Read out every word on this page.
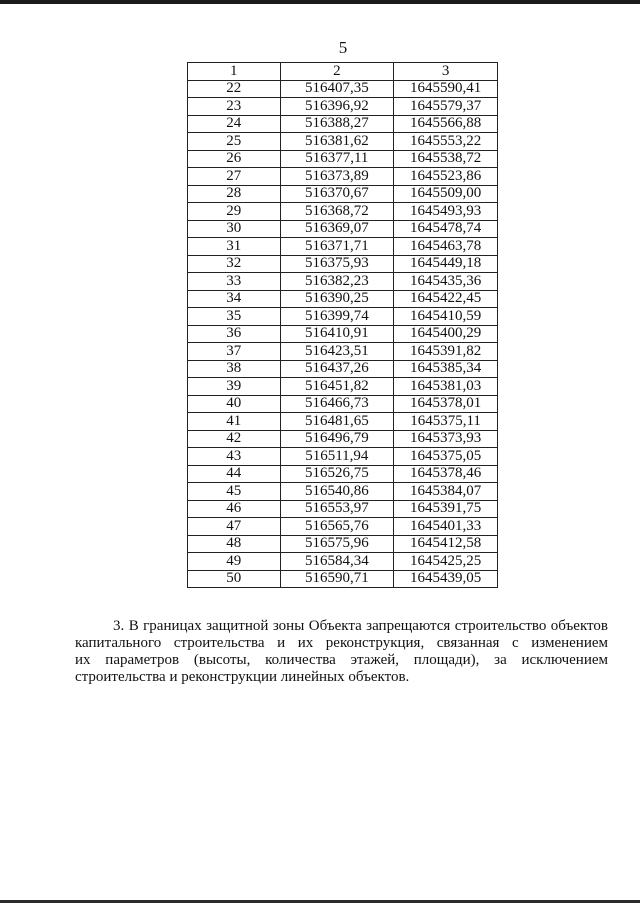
5
1	2	3
22	516407,35	1645590,41
23	516396,92	1645579,37
24	516388,27	1645566,88
25	516381,62	1645553,22
26	516377,11	1645538,72
27	516373,89	1645523,86
28	516370,67	1645509,00
29	516368,72	1645493,93
30	516369,07	1645478,74
31	516371,71	1645463,78
32	516375,93	1645449,18
33	516382,23	1645435,36
34	516390,25	1645422,45
35	516399,74	1645410,59
36	516410,91	1645400,29
37	516423,51	1645391,82
38	516437,26	1645385,34
39	516451,82	1645381,03
40	516466,73	1645378,01
41	516481,65	1645375,11
42	516496,79	1645373,93
43	516511,94	1645375,05
44	516526,75	1645378,46
45	516540,86	1645384,07
46	516553,97	1645391,75
47	516565,76	1645401,33
48	516575,96	1645412,58
49	516584,34	1645425,25
50	516590,71	1645439,05
3. В границах защитной зоны Объекта запрещаются строительство объектов
капитального строительства и их реконструкция, связанная с изменением
их параметров (высоты, количества этажей, площади), за исключением
строительства и реконструкции линейных объектов.
